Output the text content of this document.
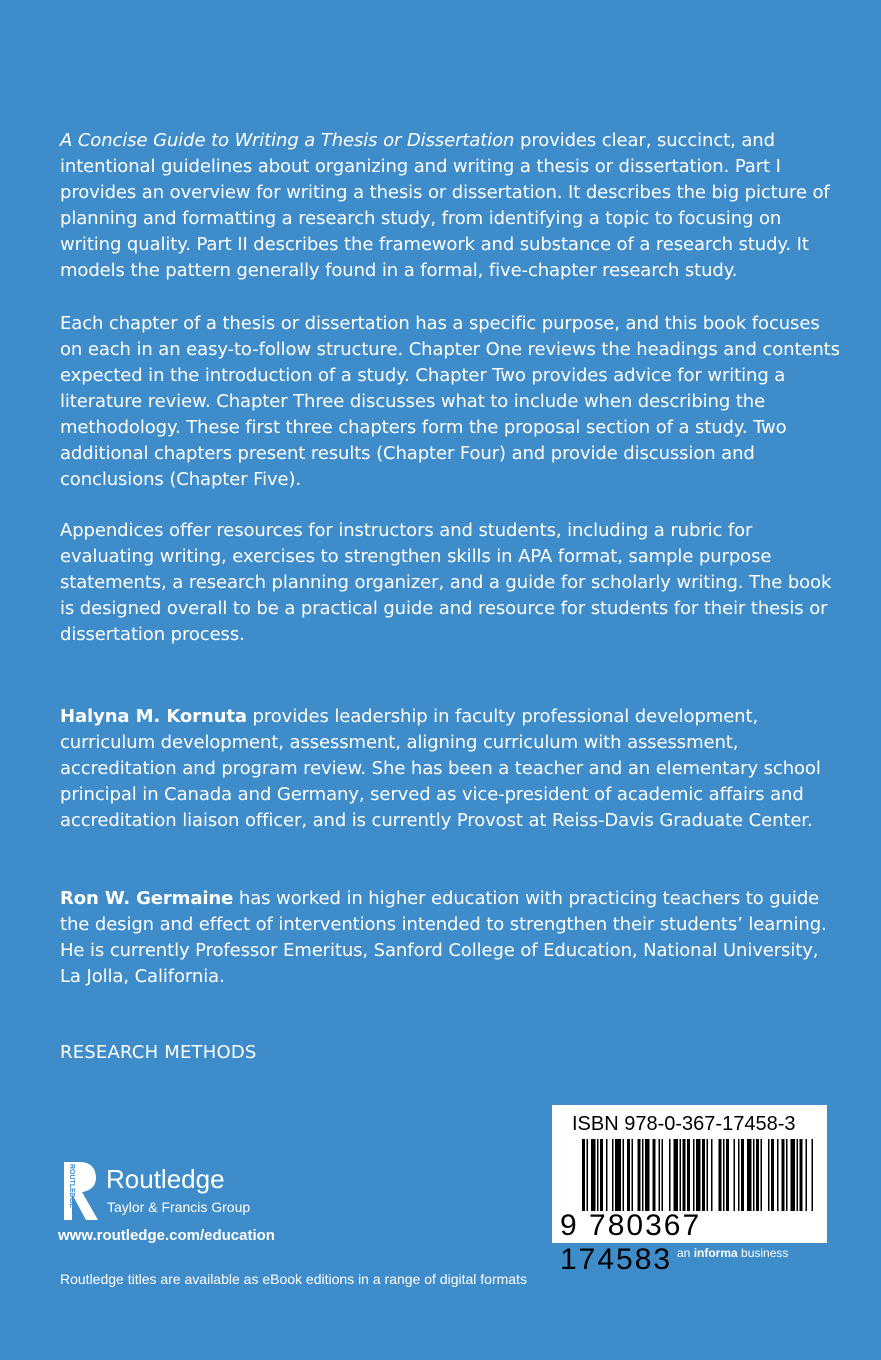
A Concise Guide to Writing a Thesis or Dissertation provides clear, succinct, and intentional guidelines about organizing and writing a thesis or dissertation. Part I provides an overview for writing a thesis or dissertation. It describes the big picture of planning and formatting a research study, from identifying a topic to focusing on writing quality. Part II describes the framework and substance of a research study. It models the pattern generally found in a formal, five-chapter research study.

Each chapter of a thesis or dissertation has a specific purpose, and this book focuses on each in an easy-to-follow structure. Chapter One reviews the headings and contents expected in the introduction of a study. Chapter Two provides advice for writing a literature review. Chapter Three discusses what to include when describing the methodology. These first three chapters form the proposal section of a study. Two additional chapters present results (Chapter Four) and provide discussion and conclusions (Chapter Five).

Appendices offer resources for instructors and students, including a rubric for evaluating writing, exercises to strengthen skills in APA format, sample purpose statements, a research planning organizer, and a guide for scholarly writing. The book is designed overall to be a practical guide and resource for students for their thesis or dissertation process.

Halyna M. Kornuta provides leadership in faculty professional development, curriculum development, assessment, aligning curriculum with assessment, accreditation and program review. She has been a teacher and an elementary school principal in Canada and Germany, served as vice-president of academic affairs and accreditation liaison officer, and is currently Provost at Reiss-Davis Graduate Center.

Ron W. Germaine has worked in higher education with practicing teachers to guide the design and effect of interventions intended to strengthen their students’ learning. He is currently Professor Emeritus, Sanford College of Education, National University, La Jolla, California.

RESEARCH METHODS
ISBN 978-0-367-17458-3
9 780367 174583 an informa business
ROUTLEDGE Routledge
Taylor & Francis Group
www.routledge.com/education
Routledge titles are available as eBook editions in a range of digital formats
